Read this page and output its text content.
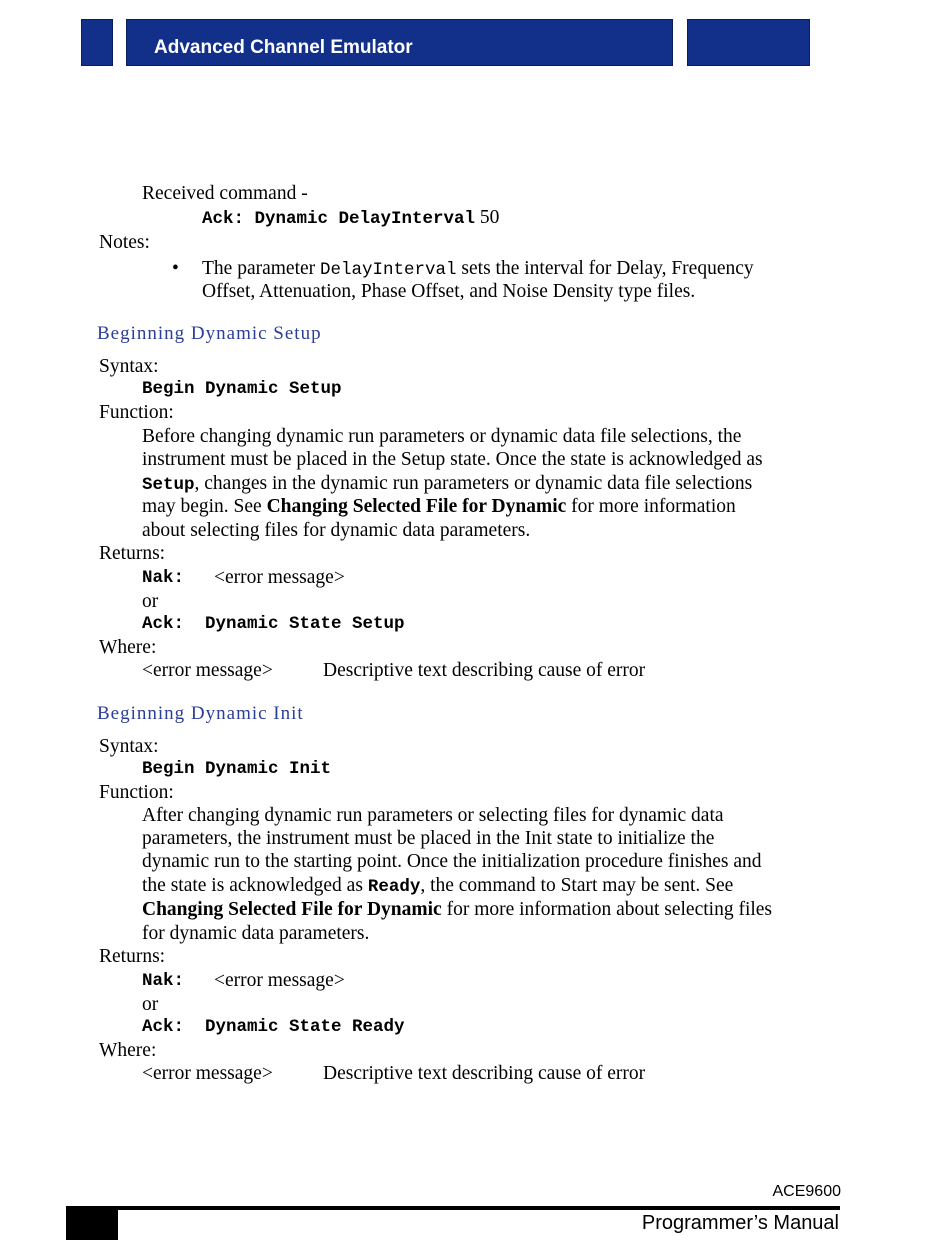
Advanced Channel Emulator
Received command -
Ack: Dynamic DelayInterval 50
Notes:
• The parameter DelayInterval sets the interval for Delay, Frequency
Offset, Attenuation, Phase Offset, and Noise Density type files.
Beginning Dynamic Setup
Syntax:
Begin Dynamic Setup
Function:
Before changing dynamic run parameters or dynamic data file selections, the
instrument must be placed in the Setup state. Once the state is acknowledged as
Setup, changes in the dynamic run parameters or dynamic data file selections
may begin. See Changing Selected File for Dynamic for more information
about selecting files for dynamic data parameters.
Returns:
Nak: <error message>
or
Ack:  Dynamic State Setup
Where:
<error message>	Descriptive text describing cause of error
Beginning Dynamic Init
Syntax:
Begin Dynamic Init
Function:
After changing dynamic run parameters or selecting files for dynamic data
parameters, the instrument must be placed in the Init state to initialize the
dynamic run to the starting point. Once the initialization procedure finishes and
the state is acknowledged as Ready, the command to Start may be sent. See
Changing Selected File for Dynamic for more information about selecting files
for dynamic data parameters.
Returns:
Nak: <error message>
or
Ack:  Dynamic State Ready
Where:
<error message>	Descriptive text describing cause of error
ACE9600
Programmer’s Manual
